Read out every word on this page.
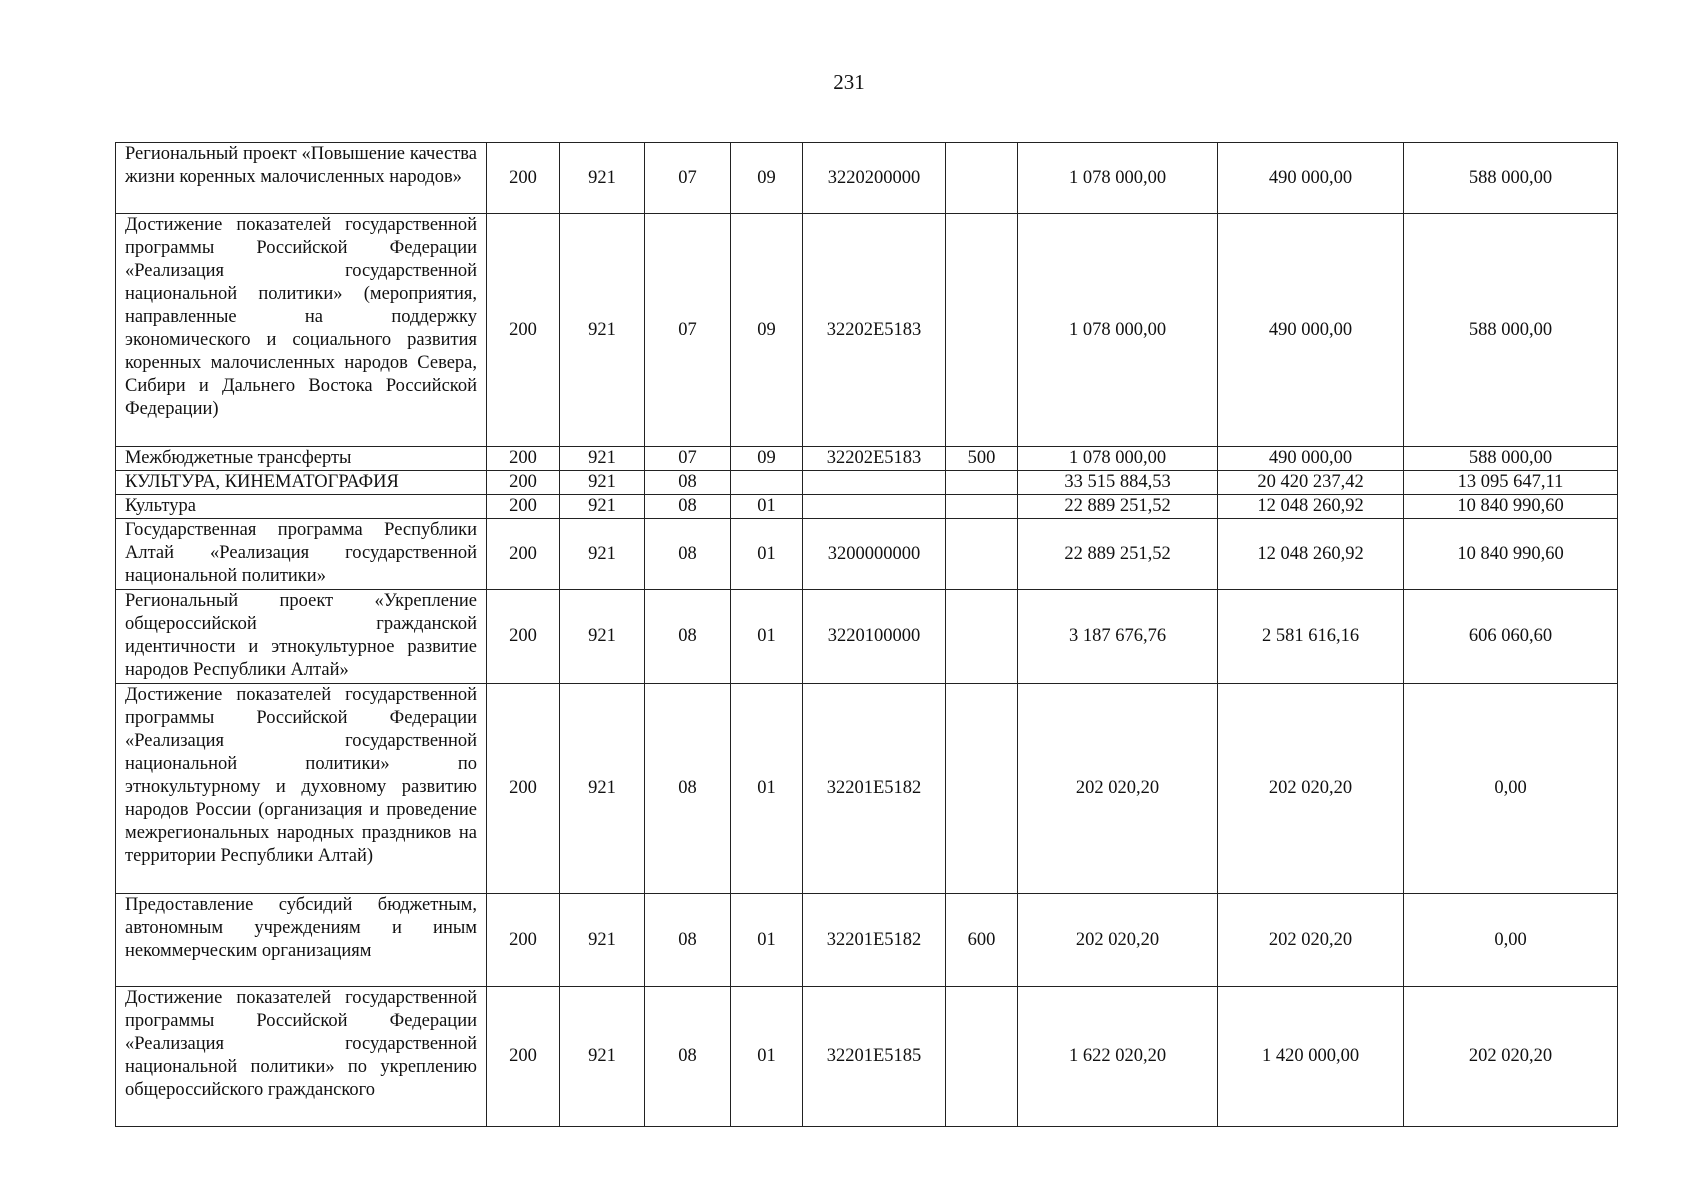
231
Региональный проект «Повышение качества жизни коренных малочисленных народов»	200	921	07	09	3220200000		1 078 000,00	490 000,00	588 000,00
Достижение показателей государственной программы Российской Федерации «Реализация государственной национальной политики» (мероприятия, направленные на поддержку экономического и социального развития коренных малочисленных народов Севера, Сибири и Дальнего Востока Российской Федерации)	200	921	07	09	32202E5183		1 078 000,00	490 000,00	588 000,00
Межбюджетные трансферты	200	921	07	09	32202E5183	500	1 078 000,00	490 000,00	588 000,00
КУЛЬТУРА, КИНЕМАТОГРАФИЯ	200	921	08				33 515 884,53	20 420 237,42	13 095 647,11
Культура	200	921	08	01			22 889 251,52	12 048 260,92	10 840 990,60
Государственная программа Республики Алтай «Реализация государственной национальной политики»	200	921	08	01	3200000000		22 889 251,52	12 048 260,92	10 840 990,60
Региональный проект «Укрепление общероссийской гражданской идентичности и этнокультурное развитие народов Республики Алтай»	200	921	08	01	3220100000		3 187 676,76	2 581 616,16	606 060,60
Достижение показателей государственной программы Российской Федерации «Реализация государственной национальной политики» по этнокультурному и духовному развитию народов России (организация и проведение межрегиональных народных праздников на территории Республики Алтай)	200	921	08	01	32201E5182		202 020,20	202 020,20	0,00
Предоставление субсидий бюджетным, автономным учреждениям и иным некоммерческим организациям	200	921	08	01	32201E5182	600	202 020,20	202 020,20	0,00
Достижение показателей государственной программы Российской Федерации «Реализация государственной национальной политики» по укреплению общероссийского гражданского	200	921	08	01	32201E5185		1 622 020,20	1 420 000,00	202 020,20
